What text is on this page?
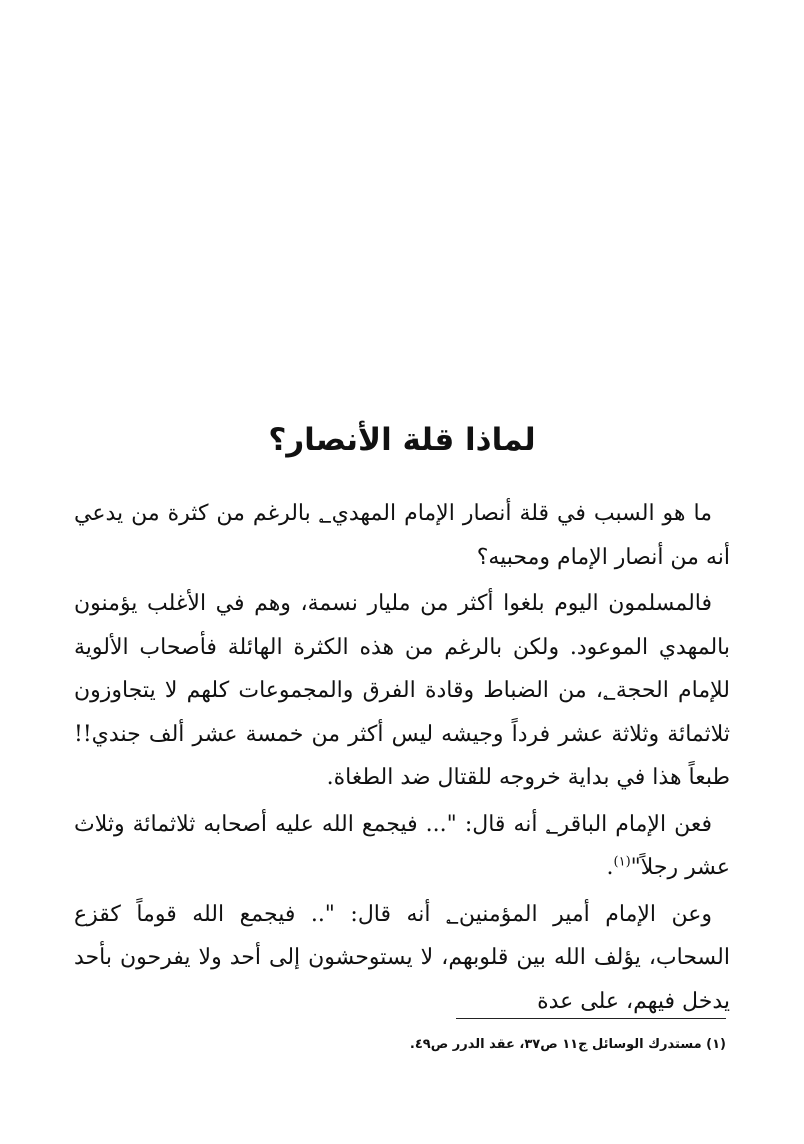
لماذا قلة الأنصار؟

ما هو السبب في قلة أنصار الإمام المهدي؂ بالرغم من كثرة من يدعي أنه من أنصار الإمام ومحبيه؟

فالمسلمون اليوم بلغوا أكثر من مليار نسمة، وهم في الأغلب يؤمنون بالمهدي الموعود. ولكن بالرغم من هذه الكثرة الهائلة فأصحاب الألوية للإمام الحجة؂، من الضباط وقادة الفرق والمجموعات كلهم لا يتجاوزون ثلاثمائة وثلاثة عشر فرداً وجيشه ليس أكثر من خمسة عشر ألف جندي!! طبعاً هذا في بداية خروجه للقتال ضد الطغاة.

فعن الإمام الباقر؂ أنه قال: "... فيجمع الله عليه أصحابه ثلاثمائة وثلاث عشر رجلاً"$^{(١)}$.

وعن الإمام أمير المؤمنين؂ أنه قال: ".. فيجمع الله قوماً كقزع السحاب، يؤلف الله بين قلوبهم، لا يستوحشون إلى أحد ولا يفرحون بأحد يدخل فيهم، على عدة

(١) مستدرك الوسائل ج١١ ص٣٧، عقد الدرر ص٤٩.
